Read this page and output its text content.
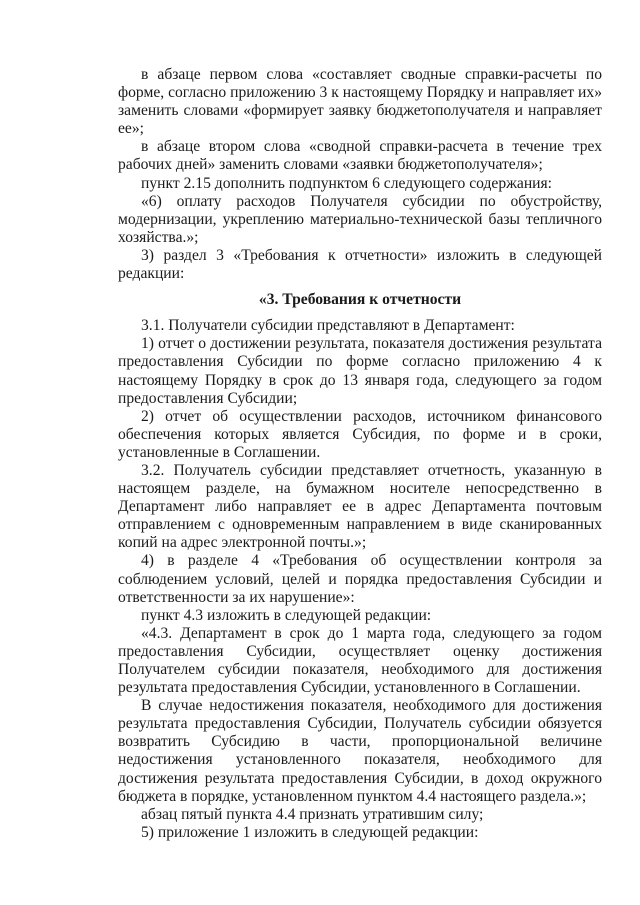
в абзаце первом слова «составляет сводные справки-расчеты по форме, согласно приложению 3 к настоящему Порядку и направляет их» заменить словами «формирует заявку бюджетополучателя и направляет ее»;

в абзаце втором слова «сводной справки-расчета в течение трех рабочих дней» заменить словами «заявки бюджетополучателя»;

пункт 2.15 дополнить подпунктом 6 следующего содержания:

«6) оплату расходов Получателя субсидии по обустройству, модернизации, укреплению материально-технической базы тепличного хозяйства.»;

3) раздел 3 «Требования к отчетности» изложить в следующей редакции:

«3. Требования к отчетности

3.1. Получатели субсидии представляют в Департамент:

1) отчет о достижении результата, показателя достижения результата предоставления Субсидии по форме согласно приложению 4 к настоящему Порядку в срок до 13 января года, следующего за годом предоставления Субсидии;

2) отчет об осуществлении расходов, источником финансового обеспечения которых является Субсидия, по форме и в сроки, установленные в Соглашении.

3.2. Получатель субсидии представляет отчетность, указанную в настоящем разделе, на бумажном носителе непосредственно в Департамент либо направляет ее в адрес Департамента почтовым отправлением с одновременным направлением в виде сканированных копий на адрес электронной почты.»;

4) в разделе 4 «Требования об осуществлении контроля за соблюдением условий, целей и порядка предоставления Субсидии и ответственности за их нарушение»:

пункт 4.3 изложить в следующей редакции:

«4.3. Департамент в срок до 1 марта года, следующего за годом предоставления Субсидии, осуществляет оценку достижения Получателем субсидии показателя, необходимого для достижения результата предоставления Субсидии, установленного в Соглашении.

В случае недостижения показателя, необходимого для достижения результата предоставления Субсидии, Получатель субсидии обязуется возвратить Субсидию в части, пропорциональной величине недостижения установленного показателя, необходимого для достижения результата предоставления Субсидии, в доход окружного бюджета в порядке, установленном пунктом 4.4 настоящего раздела.»;

абзац пятый пункта 4.4 признать утратившим силу;

5) приложение 1 изложить в следующей редакции:
